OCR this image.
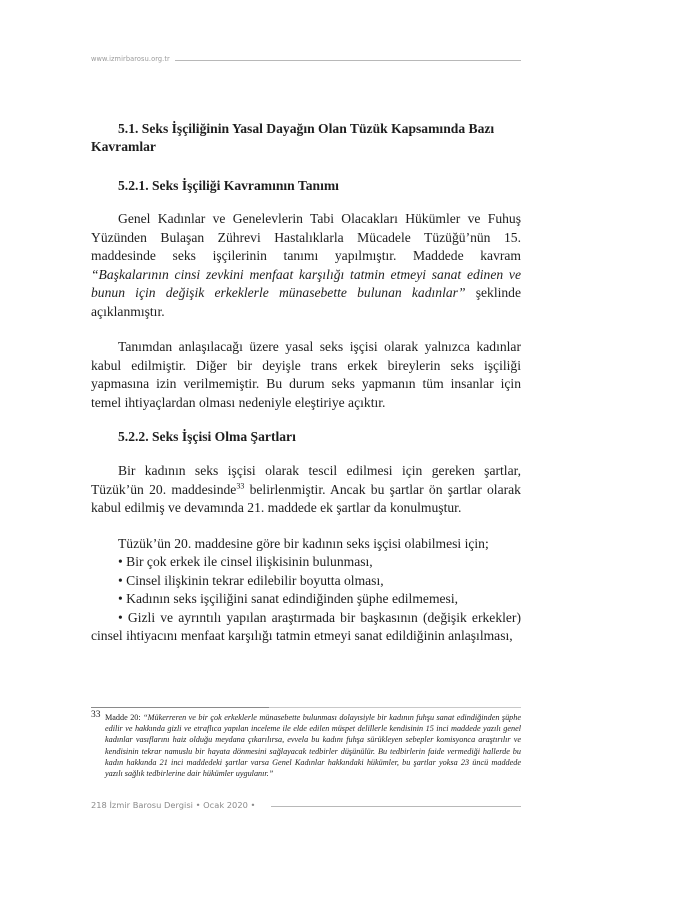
www.izmirbarosu.org.tr

5.1. Seks İşçiliğinin Yasal Dayağın Olan Tüzük Kapsamında Bazı Kavramlar

5.2.1. Seks İşçiliği Kavramının Tanımı

Genel Kadınlar ve Genelevlerin Tabi Olacakları Hükümler ve Fuhuş Yüzünden Bulaşan Zührevi Hastalıklarla Mücadele Tüzüğü’nün 15. maddesinde seks işçilerinin tanımı yapılmıştır. Maddede kavram “Başkalarının cinsi zevkini menfaat karşılığı tatmin etmeyi sanat edinen ve bunun için değişik erkeklerle münasebette bulunan kadınlar” şeklinde açıklanmıştır.

Tanımdan anlaşılacağı üzere yasal seks işçisi olarak yalnızca kadınlar kabul edilmiştir. Diğer bir deyişle trans erkek bireylerin seks işçiliği yapmasına izin verilmemiştir. Bu durum seks yapmanın tüm insanlar için temel ihtiyaçlardan olması nedeniyle eleştiriye açıktır.

5.2.2. Seks İşçisi Olma Şartları

Bir kadının seks işçisi olarak tescil edilmesi için gereken şartlar, Tüzük’ün 20. maddesinde$^{33}$ belirlenmiştir. Ancak bu şartlar ön şartlar olarak kabul edilmiş ve devamında 21. maddede ek şartlar da konulmuştur.

Tüzük’ün 20. maddesine göre bir kadının seks işçisi olabilmesi için;

• Bir çok erkek ile cinsel ilişkisinin bulunması,
• Cinsel ilişkinin tekrar edilebilir boyutta olması,
• Kadının seks işçiliğini sanat edindiğinden şüphe edilmemesi,
• Gizli ve ayrıntılı yapılan araştırmada bir başkasının (değişik erkekler) cinsel ihtiyacını menfaat karşılığı tatmin etmeyi sanat edildiğinin anlaşılması,
33 Madde 20: “Mükerreren ve bir çok erkeklerle münasebette bulunması dolayısiyle bir kadının fuhşu sanat edindiğinden şüphe edilir ve hakkında gizli ve etraflıca yapılan inceleme ile elde edilen müspet delillerle kendisinin 15 inci maddede yazılı genel kadınlar vasıflarını haiz olduğu meydana çıkarılırsa, evvela bu kadını fuhşa sürükleyen sebepler komisyonca araştırılır ve kendisinin tekrar namuslu bir hayata dönmesini sağlayacak tedbirler düşünülür. Bu tedbirlerin faide vermediği hallerde bu kadın hakkında 21 inci maddedeki şartlar varsa Genel Kadınlar hakkındaki hükümler, bu şartlar yoksa 23 üncü maddede yazılı sağlık tedbirlerine dair hükümler uygulanır.”
218 İzmir Barosu Dergisi • Ocak 2020 •
